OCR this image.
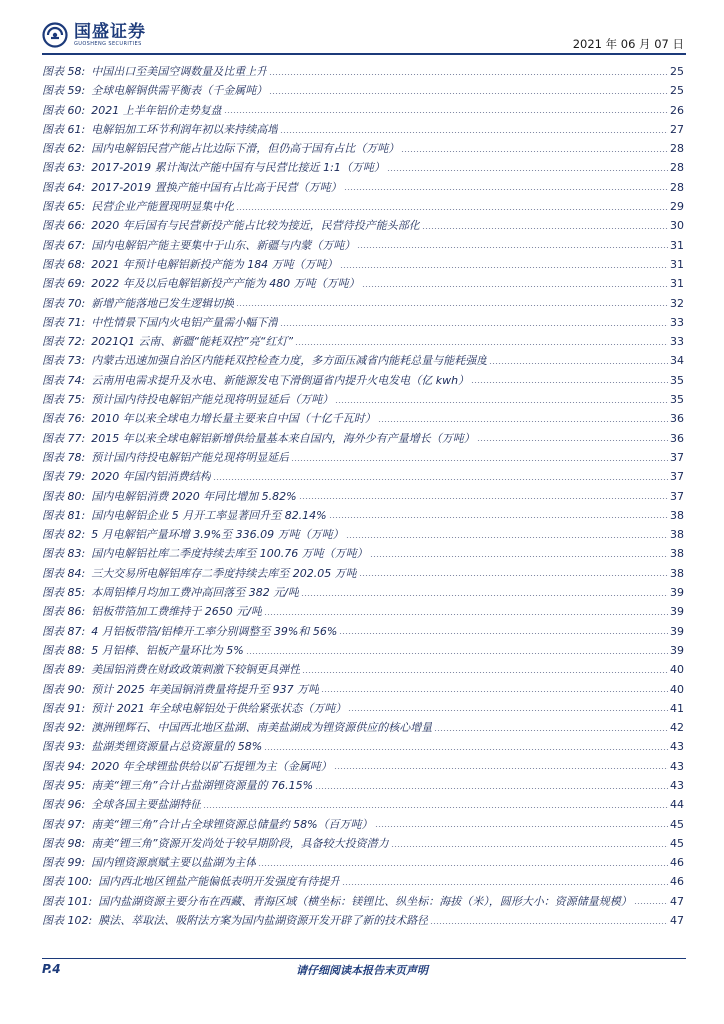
国盛证券
GUOSHENG SECURITIES	2021 年 06 月 07 日
图表 58: 中国出口至美国空调数量及比重上升	25
图表 59: 全球电解铜供需平衡表（千金属吨）	25
图表 60: 2021 上半年铝价走势复盘	26
图表 61: 电解铝加工环节利润年初以来持续高增	27
图表 62: 国内电解铝民营产能占比边际下滑，但仍高于国有占比（万吨）	28
图表 63: 2017-2019 累计淘汰产能中国有与民营比接近 1:1（万吨）	28
图表 64: 2017-2019 置换产能中国有占比高于民营（万吨）	28
图表 65: 民营企业产能置现明显集中化	29
图表 66: 2020 年后国有与民营新投产能占比较为接近，民营待投产能头部化	30
图表 67: 国内电解铝产能主要集中于山东、新疆与内蒙（万吨）	31
图表 68: 2021 年预计电解铝新投产能为 184 万吨（万吨）	31
图表 69: 2022 年及以后电解铝新投产产能为 480 万吨（万吨）	31
图表 70: 新增产能落地已发生逻辑切换	32
图表 71: 中性情景下国内火电铝产量需小幅下滑	33
图表 72: 2021Q1 云南、新疆“能耗双控”亮“红灯”	33
图表 73: 内蒙古迅速加强自治区内能耗双控检查力度，多方面压减省内能耗总量与能耗强度	34
图表 74: 云南用电需求提升及水电、新能源发电下滑倒逼省内提升火电发电（亿 kwh）	35
图表 75: 预计国内待投电解铝产能兑现将明显延后（万吨）	35
图表 76: 2010 年以来全球电力增长量主要来自中国（十亿千瓦时）	36
图表 77: 2015 年以来全球电解铝新增供给量基本来自国内，海外少有产量增长（万吨）	36
图表 78: 预计国内待投电解铝产能兑现将明显延后	37
图表 79: 2020 年国内铝消费结构	37
图表 80: 国内电解铝消费 2020 年同比增加 5.82%	37
图表 81: 国内电解铝企业 5 月开工率显著回升至 82.14%	38
图表 82: 5 月电解铝产量环增 3.9%至 336.09 万吨（万吨）	38
图表 83: 国内电解铝社库二季度持续去库至 100.76 万吨（万吨）	38
图表 84: 三大交易所电解铝库存二季度持续去库至 202.05 万吨	38
图表 85: 本周铝棒月均加工费冲高回落至 382 元/吨	39
图表 86: 铝板带箔加工费维持于 2650 元/吨	39
图表 87: 4 月铝板带箔/铝棒开工率分别调整至 39%和 56%	39
图表 88: 5 月铝棒、铝板产量环比为 5%	39
图表 89: 美国铝消费在财政政策刺激下较铜更具弹性	40
图表 90: 预计 2025 年美国铜消费量将提升至 937 万吨	40
图表 91: 预计 2021 年全球电解铝处于供给紧张状态（万吨）	41
图表 92: 澳洲锂辉石、中国西北地区盐湖、南美盐湖成为锂资源供应的核心增量	42
图表 93: 盐湖类锂资源量占总资源量的 58%	43
图表 94: 2020 年全球锂盐供给以矿石提锂为主（金属吨）	43
图表 95: 南美“锂三角”合计占盐湖锂资源量的 76.15%	43
图表 96: 全球各国主要盐湖特征	44
图表 97: 南美“锂三角”合计占全球锂资源总储量约 58%（百万吨）	45
图表 98: 南美“锂三角”资源开发尚处于较早期阶段，具备较大投资潜力	45
图表 99: 国内锂资源禀赋主要以盐湖为主体	46
图表 100: 国内西北地区锂盐产能偏低表明开发强度有待提升	46
图表 101: 国内盐湖资源主要分布在西藏、青海区域（横坐标：镁锂比、纵坐标：海拔（米），圆形大小：资源储量规模）	47
图表 102: 膜法、萃取法、吸附法方案为国内盐湖资源开发开辟了新的技术路径	47
请仔细阅读本报告末页声明
P.4
